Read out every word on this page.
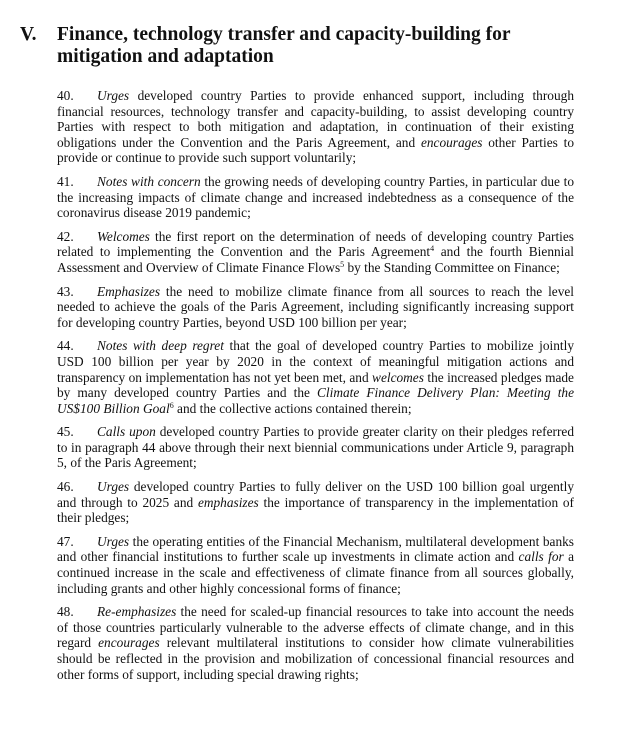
V.	Finance, technology transfer and capacity-building for mitigation and adaptation

40. Urges developed country Parties to provide enhanced support, including through financial resources, technology transfer and capacity-building, to assist developing country Parties with respect to both mitigation and adaptation, in continuation of their existing obligations under the Convention and the Paris Agreement, and encourages other Parties to provide or continue to provide such support voluntarily;

41. Notes with concern the growing needs of developing country Parties, in particular due to the increasing impacts of climate change and increased indebtedness as a consequence of the coronavirus disease 2019 pandemic;

42. Welcomes the first report on the determination of needs of developing country Parties related to implementing the Convention and the Paris Agreement$^4$ and the fourth Biennial Assessment and Overview of Climate Finance Flows$^5$ by the Standing Committee on Finance;

43. Emphasizes the need to mobilize climate finance from all sources to reach the level needed to achieve the goals of the Paris Agreement, including significantly increasing support for developing country Parties, beyond USD 100 billion per year;

44. Notes with deep regret that the goal of developed country Parties to mobilize jointly USD 100 billion per year by 2020 in the context of meaningful mitigation actions and transparency on implementation has not yet been met, and welcomes the increased pledges made by many developed country Parties and the Climate Finance Delivery Plan: Meeting the US$100 Billion Goal$^6$ and the collective actions contained therein;

45. Calls upon developed country Parties to provide greater clarity on their pledges referred to in paragraph 44 above through their next biennial communications under Article 9, paragraph 5, of the Paris Agreement;

46. Urges developed country Parties to fully deliver on the USD 100 billion goal urgently and through to 2025 and emphasizes the importance of transparency in the implementation of their pledges;

47. Urges the operating entities of the Financial Mechanism, multilateral development banks and other financial institutions to further scale up investments in climate action and calls for a continued increase in the scale and effectiveness of climate finance from all sources globally, including grants and other highly concessional forms of finance;

48. Re-emphasizes the need for scaled-up financial resources to take into account the needs of those countries particularly vulnerable to the adverse effects of climate change, and in this regard encourages relevant multilateral institutions to consider how climate vulnerabilities should be reflected in the provision and mobilization of concessional financial resources and other forms of support, including special drawing rights;
